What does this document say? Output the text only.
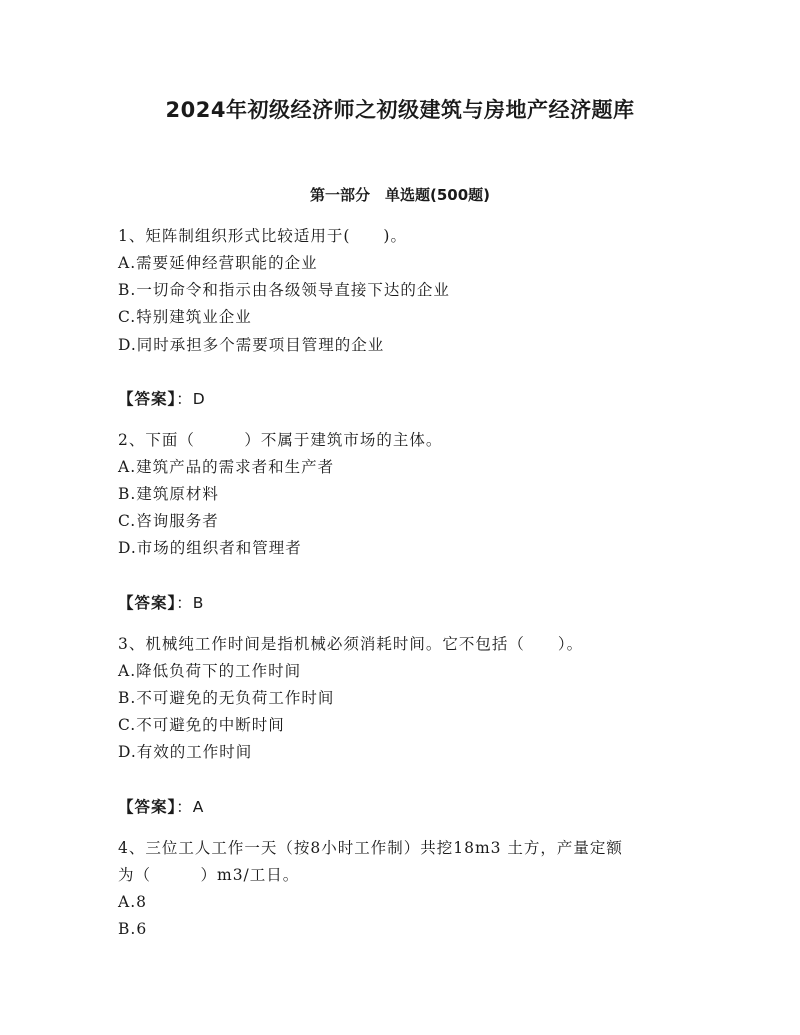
2024年初级经济师之初级建筑与房地产经济题库
第一部分　单选题(500题)
1、矩阵制组织形式比较适用于(　　)。
A.需要延伸经营职能的企业
B.一切命令和指示由各级领导直接下达的企业
C.特别建筑业企业
D.同时承担多个需要项目管理的企业
【答案】：D
2、下面（　　　）不属于建筑市场的主体。
A.建筑产品的需求者和生产者
B.建筑原材料
C.咨询服务者
D.市场的组织者和管理者
【答案】：B
3、机械纯工作时间是指机械必须消耗时间。它不包括（　　）。
A.降低负荷下的工作时间
B.不可避免的无负荷工作时间
C.不可避免的中断时间
D.有效的工作时间
【答案】：A
4、三位工人工作一天（按8小时工作制）共挖18m3 土方，产量定额
为（　　　）m3/工日。
A.8
B.6
